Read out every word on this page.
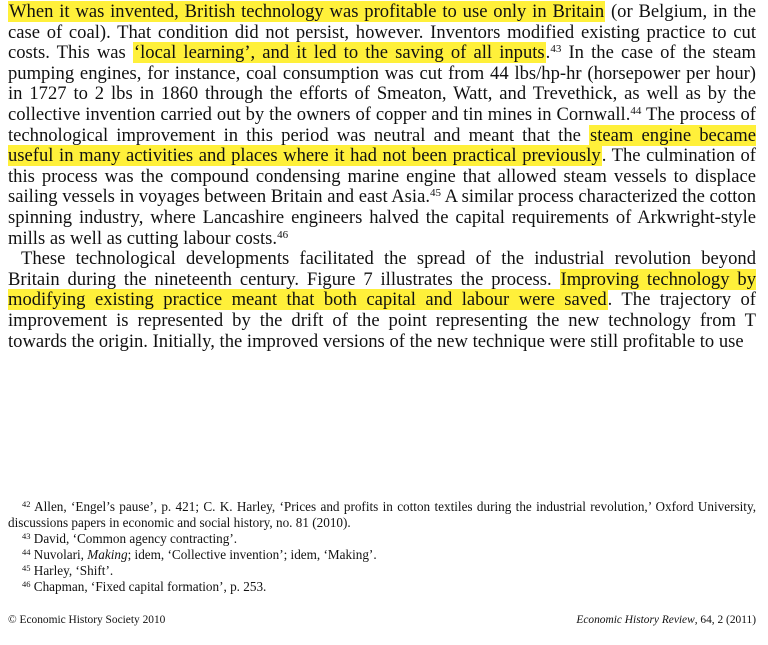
When it was invented, British technology was profitable to use only in Britain (or Belgium, in the case of coal). That condition did not persist, however. Inventors modified existing practice to cut costs. This was ‘local learning’, and it led to the saving of all inputs.$^{43}$ In the case of the steam pumping engines, for instance, coal consumption was cut from 44 lbs/hp-hr (horsepower per hour) in 1727 to 2 lbs in 1860 through the efforts of Smeaton, Watt, and Trevethick, as well as by the collective invention carried out by the owners of copper and tin mines in Cornwall.$^{44}$ The process of technological improvement in this period was neutral and meant that the steam engine became useful in many activities and places where it had not been practical previously. The culmination of this process was the compound condensing marine engine that allowed steam vessels to displace sailing vessels in voyages between Britain and east Asia.$^{45}$ A similar process characterized the cotton spinning industry, where Lancashire engineers halved the capital requirements of Arkwright-style mills as well as cutting labour costs.$^{46}$

These technological developments facilitated the spread of the industrial revolution beyond Britain during the nineteenth century. Figure 7 illustrates the process. Improving technology by modifying existing practice meant that both capital and labour were saved. The trajectory of improvement is represented by the drift of the point representing the new technology from T towards the origin. Initially, the improved versions of the new technique were still profitable to use

$^{42}$ Allen, ‘Engel’s pause’, p. 421; C. K. Harley, ‘Prices and profits in cotton textiles during the industrial revolution,’ Oxford University, discussions papers in economic and social history, no. 81 (2010).

$^{43}$ David, ‘Common agency contracting’.

$^{44}$ Nuvolari, Making; idem, ‘Collective invention’; idem, ‘Making’.

$^{45}$ Harley, ‘Shift’.

$^{46}$ Chapman, ‘Fixed capital formation’, p. 253.

© Economic History Society 2010	Economic History Review, 64, 2 (2011)
